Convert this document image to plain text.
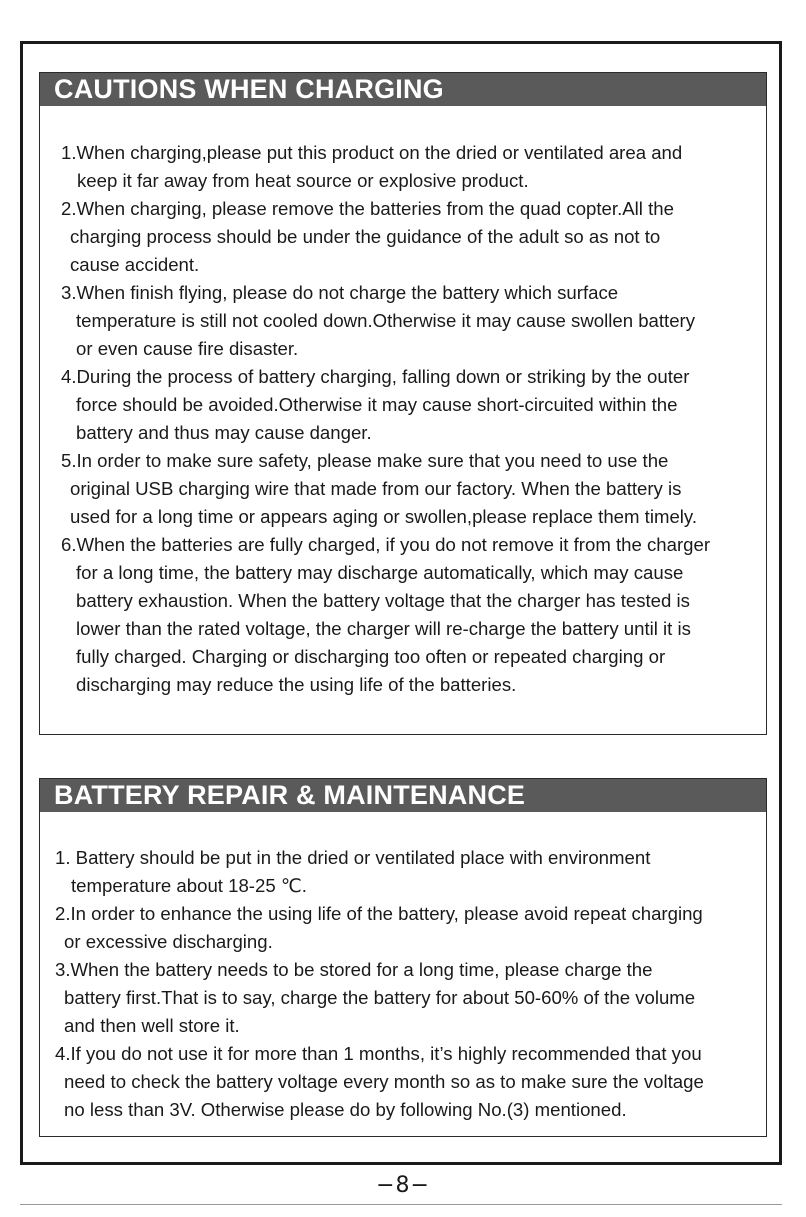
CAUTIONS WHEN CHARGING
1.When charging,please put this product on the dried or ventilated area and
keep it far away from heat source or explosive product.
2.When charging, please remove the batteries from the quad copter.All the
charging process should be under the guidance of the adult so as not to
cause accident.
3.When finish flying, please do not charge the battery which surface
temperature is still not cooled down.Otherwise it may cause swollen battery
or even cause fire disaster.
4.During the process of battery charging, falling down or striking by the outer
force should be avoided.Otherwise it may cause short-circuited within the
battery and thus may cause danger.
5.In order to make sure safety, please make sure that you need to use the
original USB charging wire that made from our factory. When the battery is
used for a long time or appears aging or swollen,please replace them timely.
6.When the batteries are fully charged, if you do not remove it from the charger
for a long time, the battery may discharge automatically, which may cause
battery exhaustion. When the battery voltage that the charger has tested is
lower than the rated voltage, the charger will re-charge the battery until it is
fully charged. Charging or discharging too often or repeated charging or
discharging may reduce the using life of the batteries.
BATTERY REPAIR & MAINTENANCE
1. Battery should be put in the dried or ventilated place with environment
temperature about 18-25 ℃.
2.In order to enhance the using life of the battery, please avoid repeat charging
or excessive discharging.
3.When the battery needs to be stored for a long time, please charge the
battery first.That is to say, charge the battery for about 50-60% of the volume
and then well store it.
4.If you do not use it for more than 1 months, it’s highly recommended that you
need to check the battery voltage every month so as to make sure the voltage
no less than 3V. Otherwise please do by following No.(3) mentioned.
−8−
